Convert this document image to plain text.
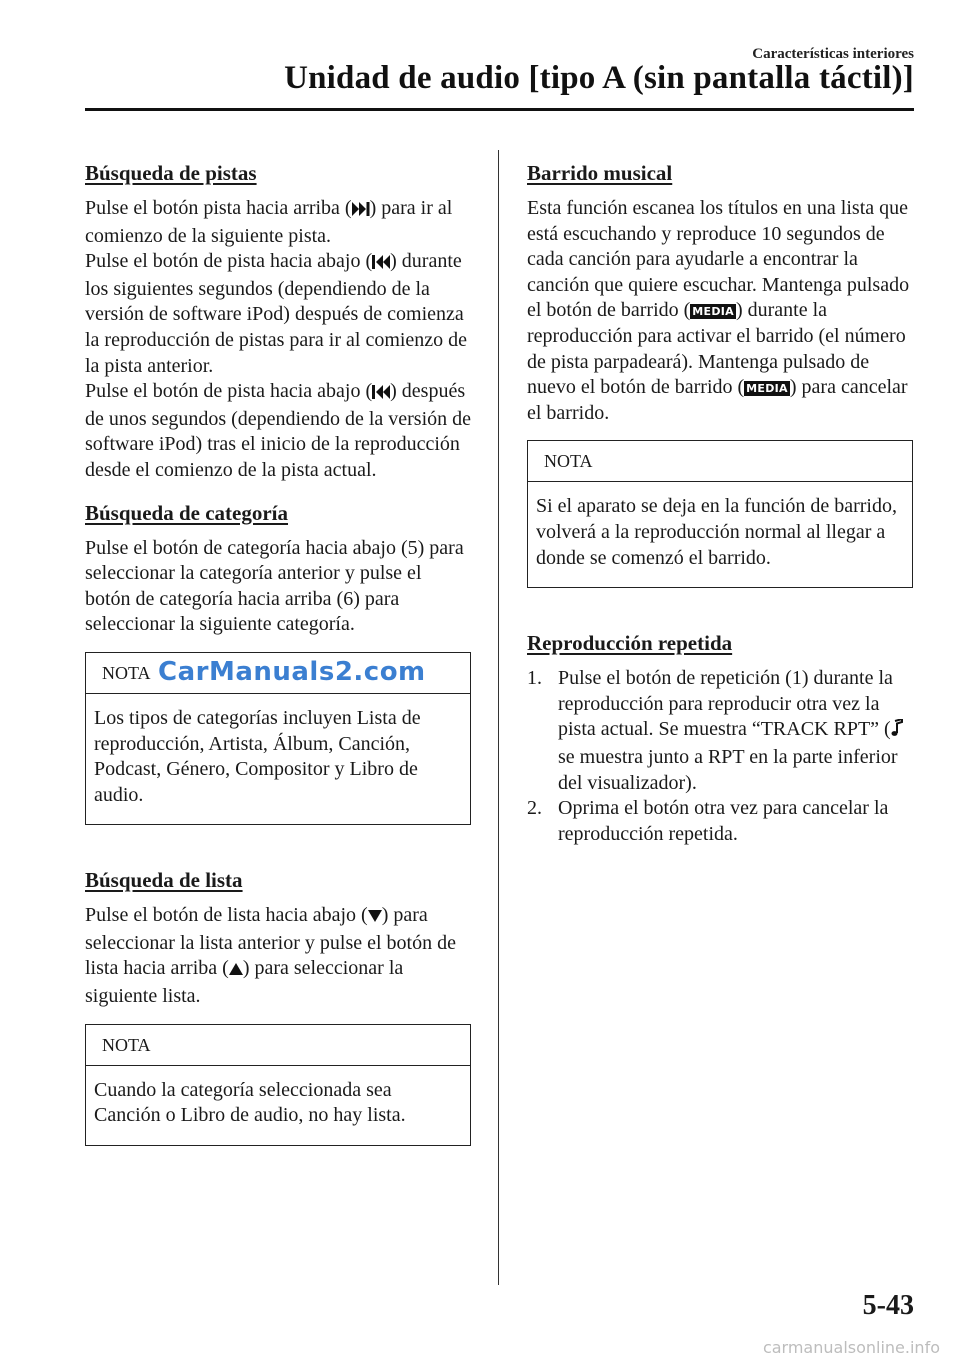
Características interiores
Unidad de audio [tipo A (sin pantalla táctil)]
Búsqueda de pistas

Pulse el botón pista hacia arriba ( ) para ir al comienzo de la siguiente pista.

Pulse el botón de pista hacia abajo ( ) durante los siguientes segundos (dependiendo de la versión de software iPod) después de comienza la reproducción de pistas para ir al comienzo de la pista anterior.

Pulse el botón de pista hacia abajo ( ) después de unos segundos (dependiendo de la versión de software iPod) tras el inicio de la reproducción desde el comienzo de la pista actual.

Búsqueda de categoría

Pulse el botón de categoría hacia abajo (5) para seleccionar la categoría anterior y pulse el botón de categoría hacia arriba (6) para seleccionar la siguiente categoría.

NOTA CarManuals2.com
Los tipos de categorías incluyen Lista de reproducción, Artista, Álbum, Canción, Podcast, Género, Compositor y Libro de audio.
Búsqueda de lista

Pulse el botón de lista hacia abajo ( ) para seleccionar la lista anterior y pulse el botón de lista hacia arriba ( ) para seleccionar la siguiente lista.

NOTA
Cuando la categoría seleccionada sea Canción o Libro de audio, no hay lista.
Barrido musical

Esta función escanea los títulos en una lista que está escuchando y reproduce 10 segundos de cada canción para ayudarle a encontrar la canción que quiere escuchar. Mantenga pulsado el botón de barrido ( MEDIA ) durante la reproducción para activar el barrido (el número de pista parpadeará). Mantenga pulsado de nuevo el botón de barrido ( MEDIA ) para cancelar el barrido.

NOTA
Si el aparato se deja en la función de barrido, volverá a la reproducción normal al llegar a donde se comenzó el barrido.
Reproducción repetida
1. Pulse el botón de repetición (1) durante la reproducción para reproducir otra vez la pista actual. Se muestra “TRACK RPT” (se muestra junto a RPT en la parte inferior del visualizador).
2. Oprima el botón otra vez para cancelar la reproducción repetida.
5-43
carmanualsonline.info
